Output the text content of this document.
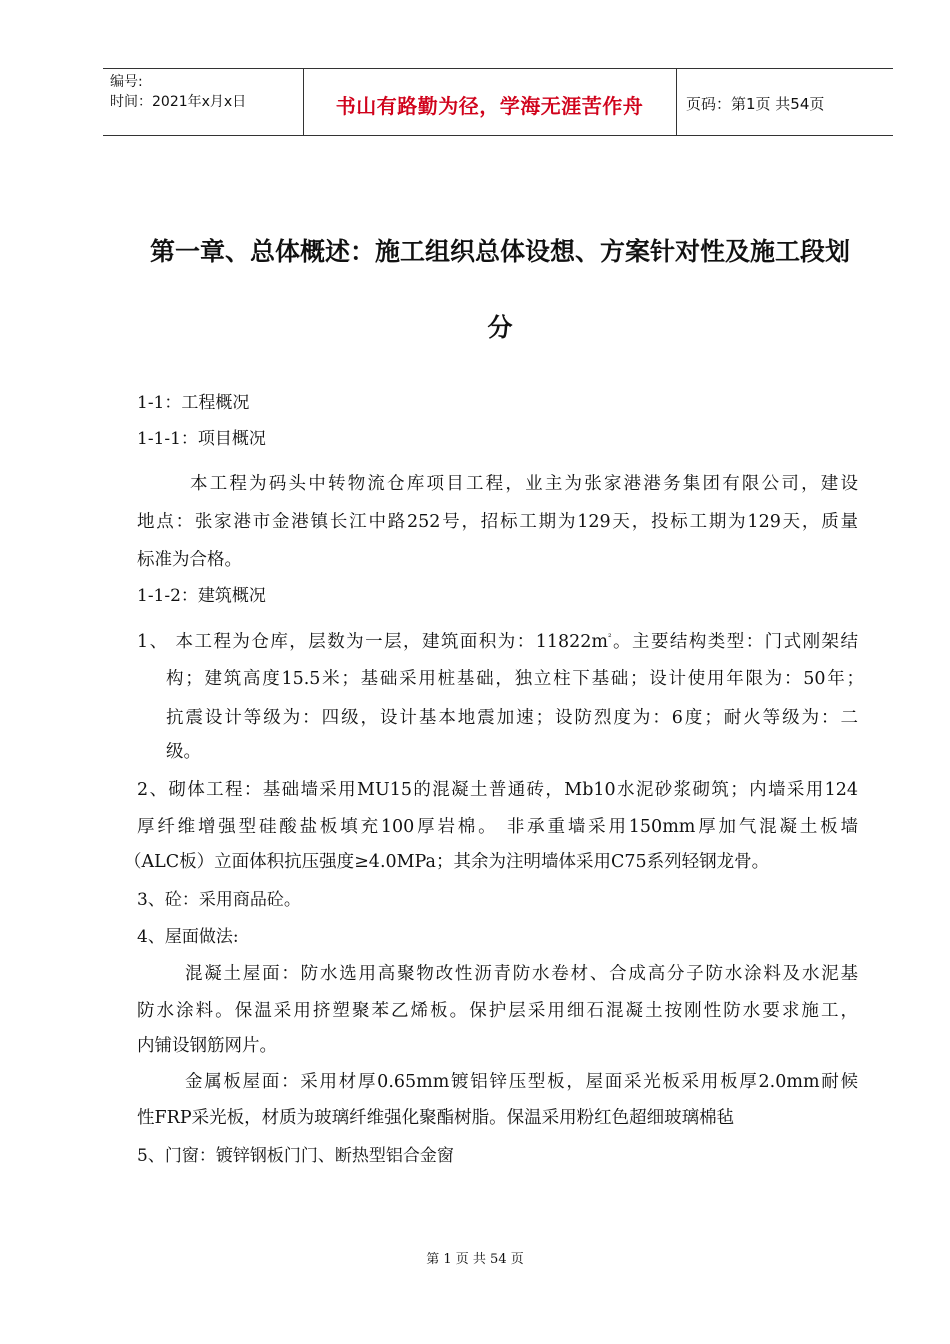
编号:
时间：2021年x月x日	书山有路勤为径，学海无涯苦作舟	页码：第1页 共54页
第一章、总体概述：施工组织总体设想、方案针对性及施工段划
分
1-1：工程概况
1-1-1：项目概况
本工程为码头中转物流仓库项目工程，业主为张家港港务集团有限公司，建设
地点：张家港市金港镇长江中路252号，招标工期为129天，投标工期为129天，质量
标准为合格。
1-1-2：建筑概况
1、 本工程为仓库，层数为一层，建筑面积为：$11822m^{^2}$。主要结构类型：门式刚架结
构；建筑高度15.5米；基础采用桩基础，独立柱下基础；设计使用年限为：50年；
抗震设计等级为：四级，设计基本地震加速；设防烈度为：6度；耐火等级为：二
级。
2、砌体工程：基础墙采用MU15的混凝土普通砖，Mb10水泥砂浆砌筑；内墙采用124
厚纤维增强型硅酸盐板填充100厚岩棉。 非承重墙采用150mm厚加气混凝土板墙
（ALC板）立面体积抗压强度≥4.0MPa；其余为注明墙体采用C75系列轻钢龙骨。
3、砼：采用商品砼。
4、屋面做法:
混凝土屋面：防水选用高聚物改性沥青防水卷材、合成高分子防水涂料及水泥基
防水涂料。保温采用挤塑聚苯乙烯板。保护层采用细石混凝土按刚性防水要求施工，
内铺设钢筋网片。
金属板屋面：采用材厚0.65mm镀铝锌压型板，屋面采光板采用板厚2.0mm耐候
性FRP采光板，材质为玻璃纤维强化聚酯树脂。保温采用粉红色超细玻璃棉毡
5、门窗：镀锌钢板门门、断热型铝合金窗
第 1 页 共 54 页
